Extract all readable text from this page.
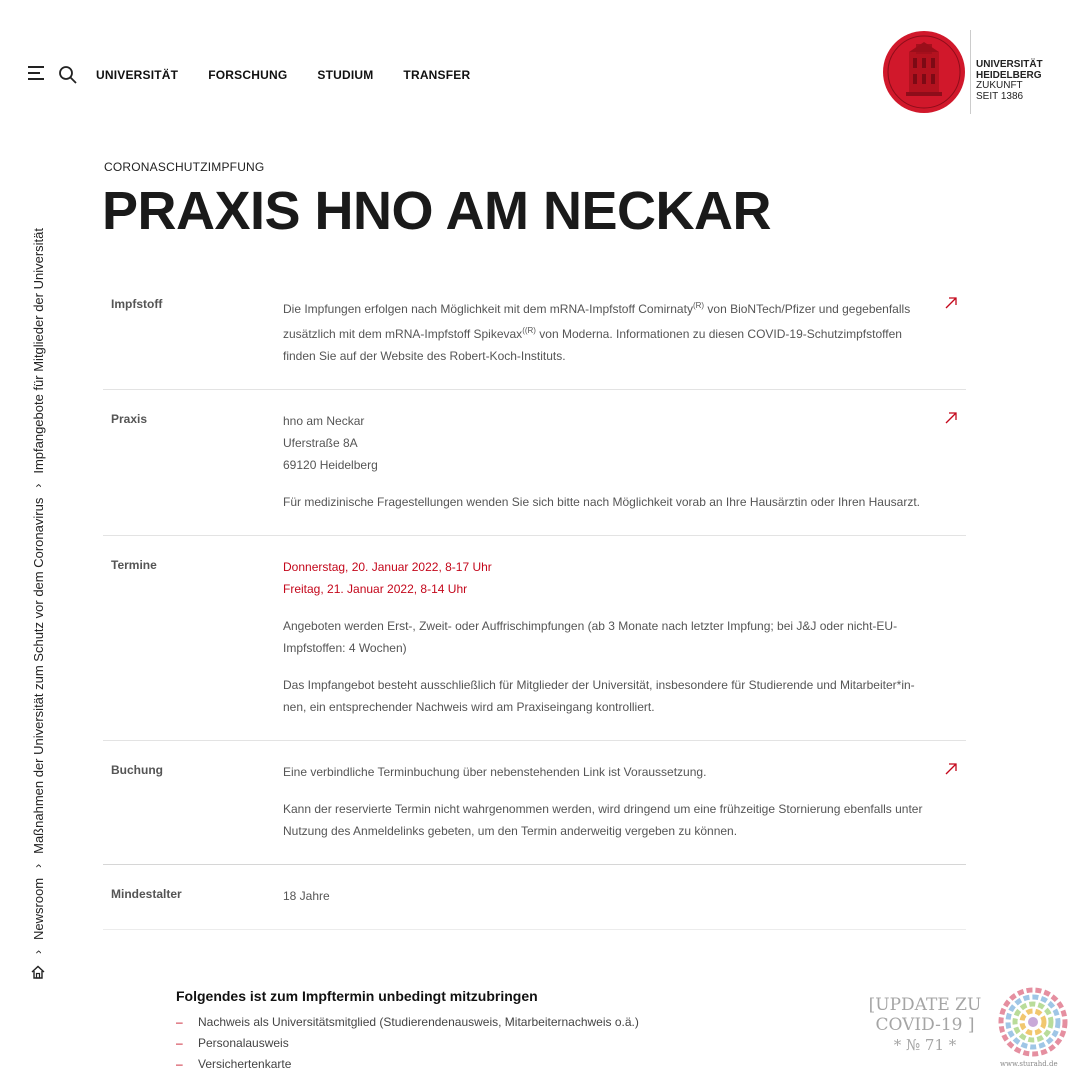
UNIVERSITÄT	FORSCHUNG	STUDIUM	TRANSFER
UNIVERSITÄT
HEIDELBERG
ZUKUNFT
SEIT 1386
›
Newsroom
›
Maßnahmen der Universität zum Schutz vor dem Coronavirus
›
Impfangebote für Mitglieder der Universität
CORONASCHUTZIMPFUNG
PRAXIS HNO AM NECKAR
Impfstoff	Die Impfungen erfolgen nach Möglichkeit mit dem mRNA-Impfstoff Comirnaty$^{(R)}$ von BioNTech/Pfizer und gegebenfalls zusätzlich mit dem mRNA-Impfstoff Spikevax$^{((R)}$ von Moderna. Informationen zu diesen COVID-19-Schutzimpfstoffen finden Sie auf der Website des Robert-Koch-Instituts.

Praxis	hno am Neckar
Uferstraße 8A
69120 Heidelberg

Für medizinische Fragestellungen wenden Sie sich bitte nach Möglichkeit vorab an Ihre Hausärztin oder Ihren Hausarzt.

Termine	Donnerstag, 20. Januar 2022, 8-17 Uhr
Freitag, 21. Januar 2022, 8-14 Uhr

Angeboten werden Erst-, Zweit- oder Auffrischimpfungen (ab 3 Monate nach letzter Impfung; bei J&J oder nicht-EU-Impfstoffen: 4 Wochen)

Das Impfangebot besteht ausschließlich für Mitglieder der Universität, insbesondere für Studierende und Mitarbeiter*innen, ein entsprechender Nachweis wird am Praxiseingang kontrolliert.

Buchung	Eine verbindliche Terminbuchung über nebenstehenden Link ist Voraussetzung.

Kann der reservierte Termin nicht wahrgenommen werden, wird dringend um eine frühzeitige Stornierung ebenfalls unter Nutzung des Anmeldelinks gebeten, um den Termin anderweitig vergeben zu können.

Mindestalter	18 Jahre

Folgendes ist zum Impftermin unbedingt mitzubringen
– Nachweis als Universitätsmitglied (Studierendenausweis, Mitarbeiternachweis o.ä.)
– Personalausweis
– Versichertenkarte
[UPDATE ZU
COVID-19 ]
* № 71 *
www.sturahd.de
